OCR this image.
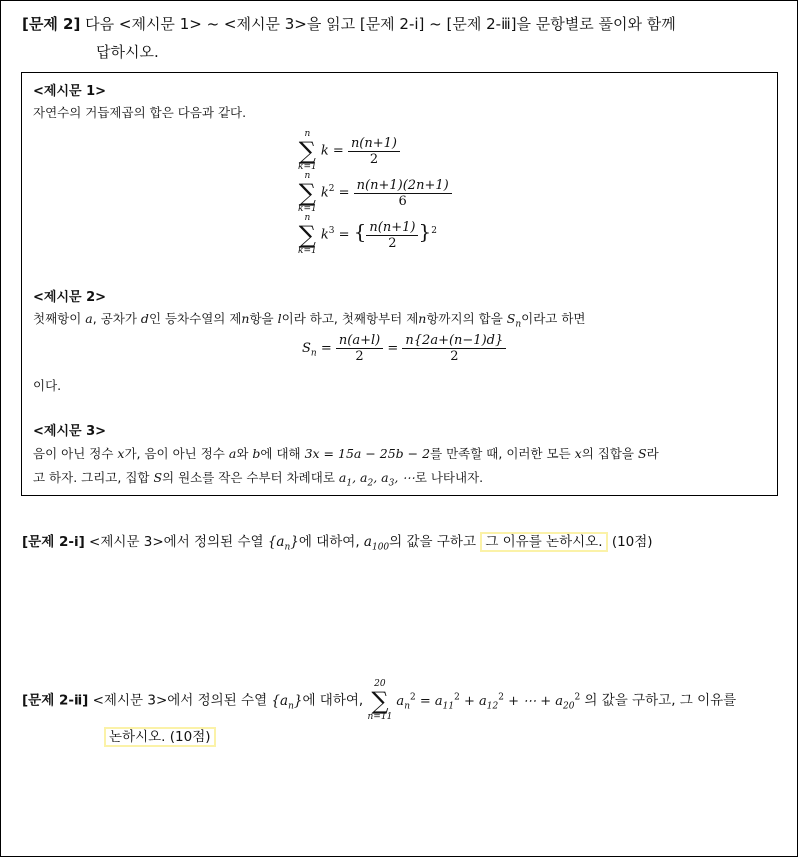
[문제 2] 다음 <제시문 1> ~ <제시문 3>을 읽고 [문제 2-ⅰ] ~ [문제 2-ⅲ]을 문항별로 풀이와 함께
답하시오.
<제시문 1>
자연수의 거듭제곱의 합은 다음과 같다.
n
∑
k=1
$k = \frac{n(n+1)}{2}$
n
∑
k=1
$k^2 = \frac{n(n+1)(2n+1)}{6}$
n
∑
k=1
$k^3$ = { $\frac{n(n+1)}{2} \}^2$
<제시문 2>
첫째항이 a, 공차가 d인 등차수열의 제n항을 l이라 하고, 첫째항부터 제n항까지의 합을 $S_n$이라고 하면
$S_n = \frac{n(a+l)}{2} = \frac{n\{2a+(n-1)d\}}{2}$
이다.
<제시문 3>
음이 아닌 정수 x가, 음이 아닌 정수 a와 b에 대해 3x = 15a − 25b − 2를 만족할 때, 이러한 모든 x의 집합을 S라
고 하자. 그리고, 집합 S의 원소를 작은 수부터 차례대로 $a_1$, $a_2$, $a_3$, ⋯로 나타내자.
[문제 2-ⅰ] <제시문 3>에서 정의된 수열 $\{a_n\}$에 대하여, $a_{100}$의 값을 구하고 그 이유를 논하시오. (10점)
[문제 2-ⅱ] <제시문 3>에서 정의된 수열 $\{a_n\}$에 대하여,
20
∑
n=11
$a_n^2 = a_{11}^2 + a_{12}^2$ + ⋯ + $a_{20}^2$ 의 값을 구하고, 그 이유를
논하시오. (10점)
